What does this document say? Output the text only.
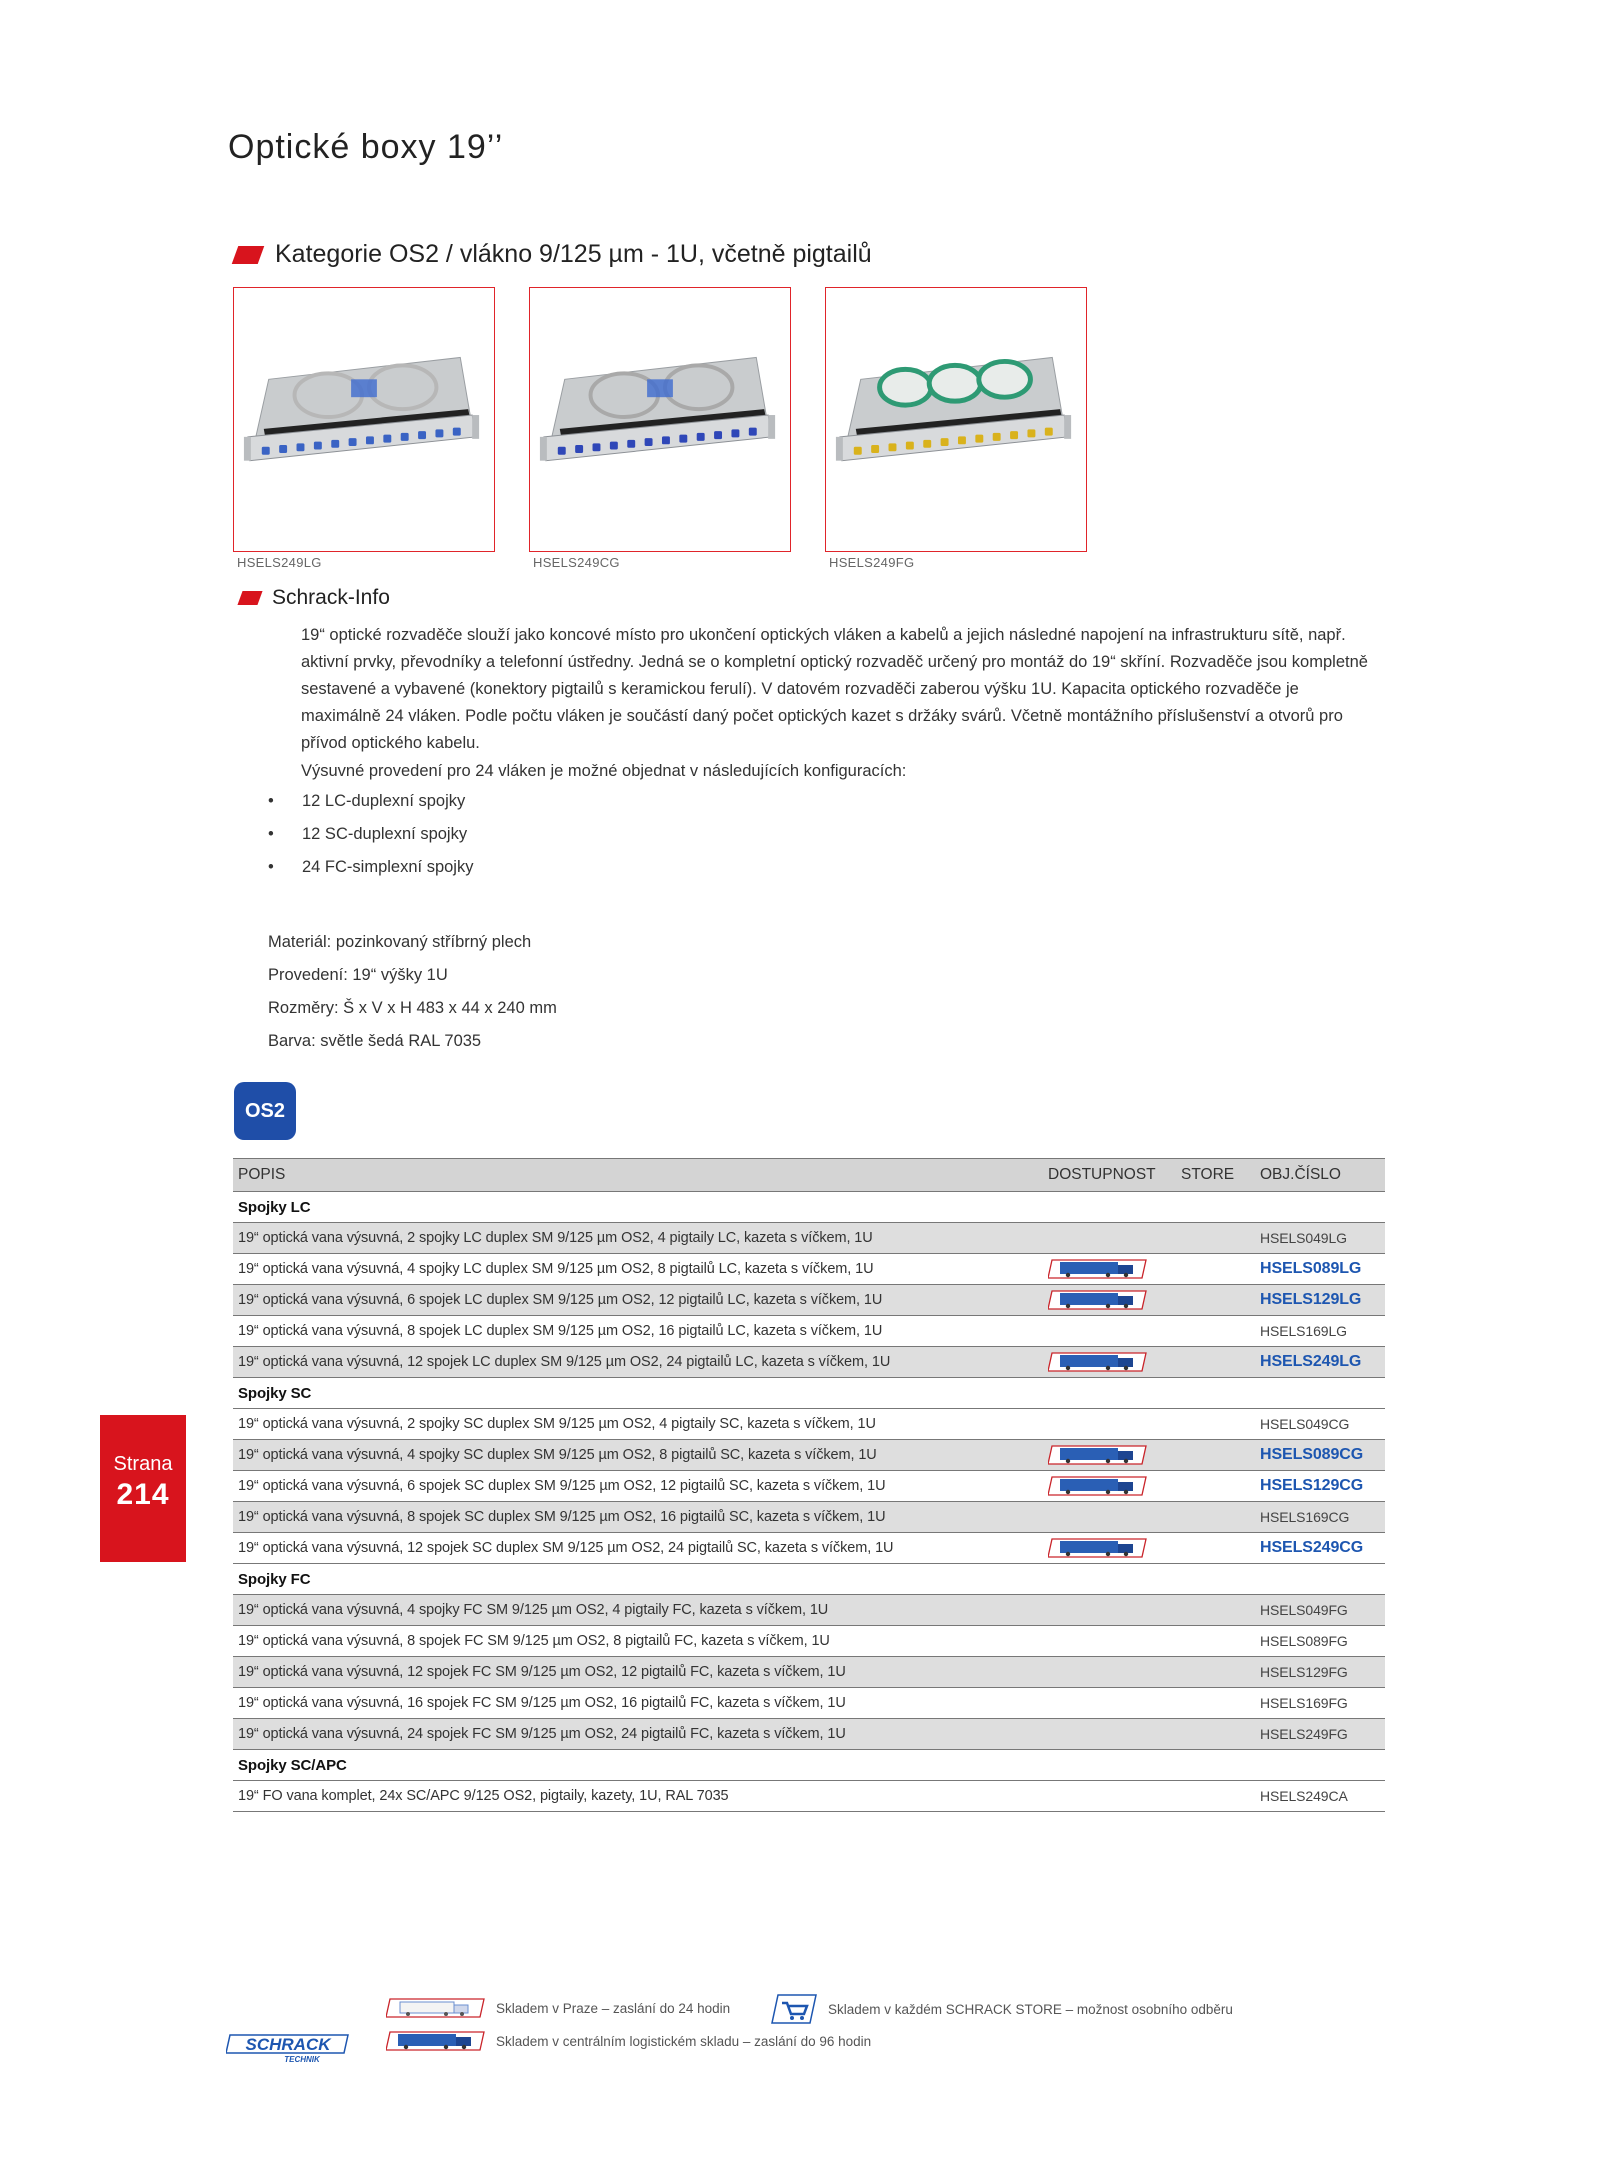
Optické boxy 19’’
Kategorie OS2 / vlákno 9/125 µm - 1U, včetně pigtailů
HSELS249LG	HSELS249CG	HSELS249FG
Schrack-Info

19“ optické rozvaděče slouží jako koncové místo pro ukončení optických vláken a kabelů a jejich následné napojení na infrastrukturu sítě, např. aktivní prvky, převodníky a telefonní ústředny. Jedná se o kompletní optický rozvaděč určený pro montáž do 19“ skříní. Rozvaděče jsou kompletně sestavené a vybavené (konektory pigtailů s keramickou ferulí). V datovém rozvaděči zaberou výšku 1U. Kapacita optického rozvaděče je maximálně 24 vláken. Podle počtu vláken je součástí daný počet optických kazet s držáky svárů. Včetně montážního příslušenství a otvorů pro přívod optického kabelu.

Výsuvné provedení pro 24 vláken je možné objednat v následujících konfiguracích:
•	12 LC-duplexní spojky
•	12 SC-duplexní spojky
•	24 FC-simplexní spojky
Materiál: pozinkovaný stříbrný plech
Provedení: 19“ výšky 1U
Rozměry: Š x V x H 483 x 44 x 240 mm
Barva: světle šedá RAL 7035
OS2
POPIS	DOSTUPNOST	STORE	OBJ.ČÍSLO
Spojky LC			
19“ optická vana výsuvná, 2 spojky LC duplex SM 9/125 µm OS2, 4 pigtaily LC, kazeta s víčkem, 1U			HSELS049LG
19“ optická vana výsuvná, 4 spojky LC duplex SM 9/125 µm OS2, 8 pigtailů LC, kazeta s víčkem, 1U			HSELS089LG
19“ optická vana výsuvná, 6 spojek LC duplex SM 9/125 µm OS2, 12 pigtailů LC, kazeta s víčkem, 1U			HSELS129LG
19“ optická vana výsuvná, 8 spojek LC duplex SM 9/125 µm OS2, 16 pigtailů LC, kazeta s víčkem, 1U			HSELS169LG
19“ optická vana výsuvná, 12 spojek LC duplex SM 9/125 µm OS2, 24 pigtailů LC, kazeta s víčkem, 1U			HSELS249LG
Spojky SC			
19“ optická vana výsuvná, 2 spojky SC duplex SM 9/125 µm OS2, 4 pigtaily SC, kazeta s víčkem, 1U			HSELS049CG
19“ optická vana výsuvná, 4 spojky SC duplex SM 9/125 µm OS2, 8 pigtailů SC, kazeta s víčkem, 1U			HSELS089CG
19“ optická vana výsuvná, 6 spojek SC duplex SM 9/125 µm OS2, 12 pigtailů SC, kazeta s víčkem, 1U			HSELS129CG
19“ optická vana výsuvná, 8 spojek SC duplex SM 9/125 µm OS2, 16 pigtailů SC, kazeta s víčkem, 1U			HSELS169CG
19“ optická vana výsuvná, 12 spojek SC duplex SM 9/125 µm OS2, 24 pigtailů SC, kazeta s víčkem, 1U			HSELS249CG
Spojky FC			
19“ optická vana výsuvná, 4 spojky FC SM 9/125 µm OS2, 4 pigtaily FC, kazeta s víčkem, 1U			HSELS049FG
19“ optická vana výsuvná, 8 spojek FC SM 9/125 µm OS2, 8 pigtailů FC, kazeta s víčkem, 1U			HSELS089FG
19“ optická vana výsuvná, 12 spojek FC SM 9/125 µm OS2, 12 pigtailů FC, kazeta s víčkem, 1U			HSELS129FG
19“ optická vana výsuvná, 16 spojek FC SM 9/125 µm OS2, 16 pigtailů FC, kazeta s víčkem, 1U			HSELS169FG
19“ optická vana výsuvná, 24 spojek FC SM 9/125 µm OS2, 24 pigtailů FC, kazeta s víčkem, 1U			HSELS249FG
Spojky SC/APC			
19“ FO vana komplet, 24x SC/APC 9/125 OS2, pigtaily, kazety, 1U, RAL 7035			HSELS249CA
Strana
214
SCHRACK
TECHNIK
Skladem v Praze – zaslání do 24 hodin	Skladem v každém SCHRACK STORE – možnost osobního odběru
Skladem v centrálním logistickém skladu – zaslání do 96 hodin
